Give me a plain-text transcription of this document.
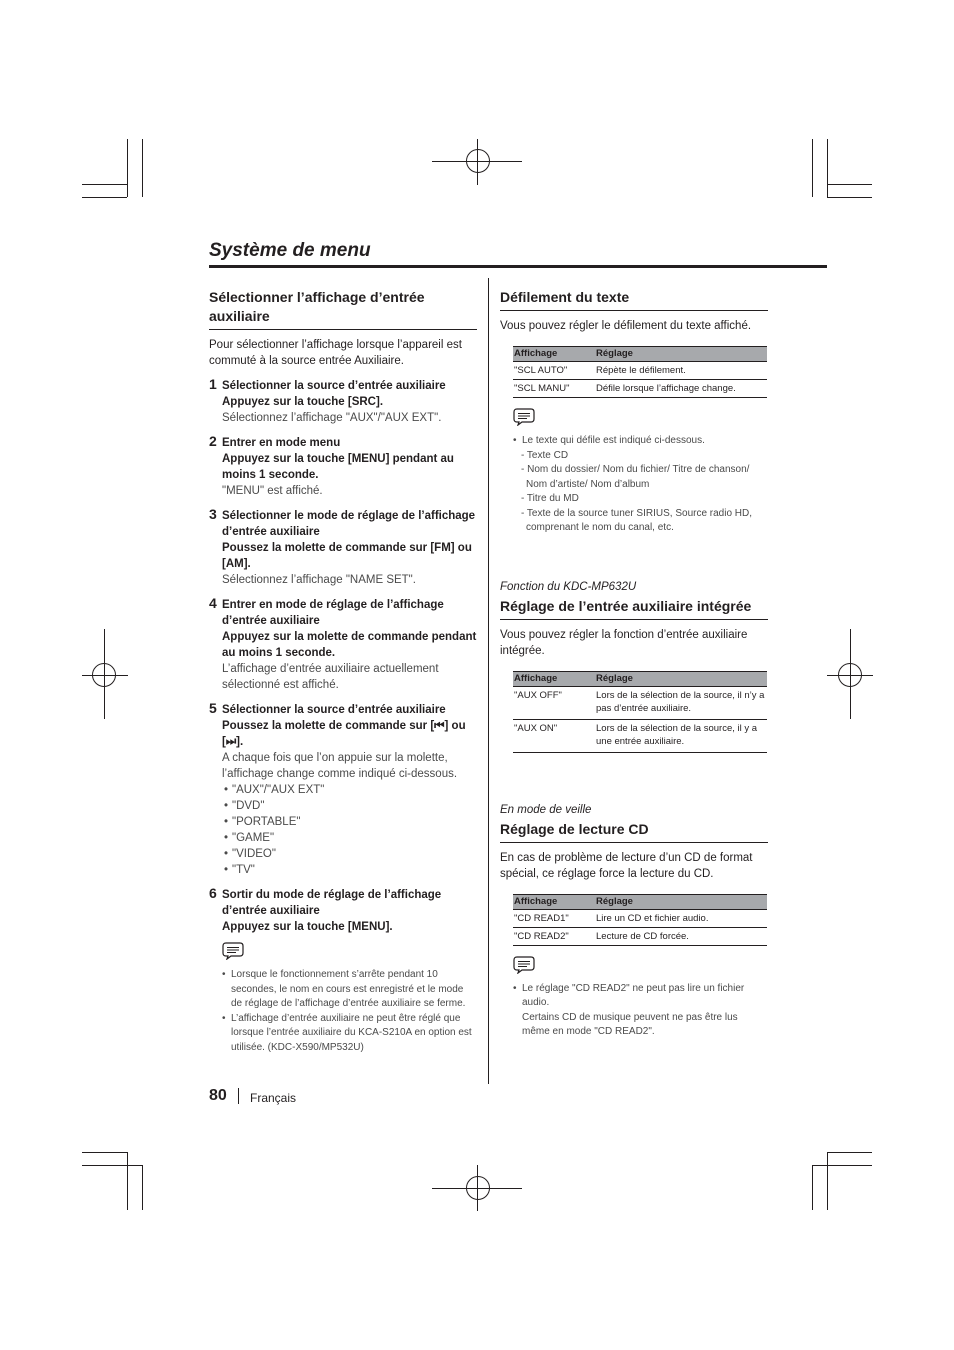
Système de menu
Sélectionner l’affichage d’entrée auxiliaire

Pour sélectionner l’affichage lorsque l’appareil est commuté à la source entrée Auxiliaire.

1 Sélectionner la source d’entrée auxiliaire
Appuyez sur la touche [SRC].
Sélectionnez l’affichage "AUX"/"AUX EXT".
2 Entrer en mode menu
Appuyez sur la touche [MENU] pendant au moins 1 seconde.
"MENU" est affiché.
3 Sélectionner le mode de réglage de l’affichage d’entrée auxiliaire
Poussez la molette de commande sur [FM] ou [AM].
Sélectionnez l’affichage "NAME SET".
4 Entrer en mode de réglage de l’affichage d’entrée auxiliaire
Appuyez sur la molette de commande pendant au moins 1 seconde.
L’affichage d’entrée auxiliaire actuellement sélectionné est affiché.
5 Sélectionner la source d’entrée auxiliaire
Poussez la molette de commande sur [⏮] ou [⏭].
A chaque fois que l’on appuie sur la molette, l’affichage change comme indiqué ci-dessous.
• "AUX"/"AUX EXT"
• "DVD"
• "PORTABLE"
• "GAME"
• "VIDEO"
• "TV"
6 Sortir du mode de réglage de l’affichage d’entrée auxiliaire
Appuyez sur la touche [MENU].
• Lorsque le fonctionnement s’arrête pendant 10 secondes, le nom en cours est enregistré et le mode de réglage de l’affichage d’entrée auxiliaire se ferme.
• L’affichage d’entrée auxiliaire ne peut être réglé que lorsque l’entrée auxiliaire du KCA-S210A en option est utilisée. (KDC-X590/MP532U)
Défilement du texte

Vous pouvez régler le défilement du texte affiché.

Affichage	Réglage
"SCL AUTO"	Répète le défilement.
"SCL MANU"	Défile lorsque l’affichage change.
• Le texte qui défile est indiqué ci-dessous.
- Texte CD
- Nom du dossier/ Nom du fichier/ Titre de chanson/ Nom d’artiste/ Nom d’album
- Titre du MD
- Texte de la source tuner SIRIUS, Source radio HD, comprenant le nom du canal, etc.
Fonction du KDC-MP632U
Réglage de l’entrée auxiliaire intégrée

Vous pouvez régler la fonction d’entrée auxiliaire intégrée.

Affichage	Réglage
"AUX OFF"	Lors de la sélection de la source, il n’y a pas d’entrée auxiliaire.
"AUX ON"	Lors de la sélection de la source, il y a une entrée auxiliaire.
En mode de veille
Réglage de lecture CD

En cas de problème de lecture d’un CD de format spécial, ce réglage force la lecture du CD.

Affichage	Réglage
"CD READ1"	Lire un CD et fichier audio.
"CD READ2"	Lecture de CD forcée.
• Le réglage "CD READ2" ne peut pas lire un fichier audio.
Certains CD de musique peuvent ne pas être lus même en mode "CD READ2".
80 Français
